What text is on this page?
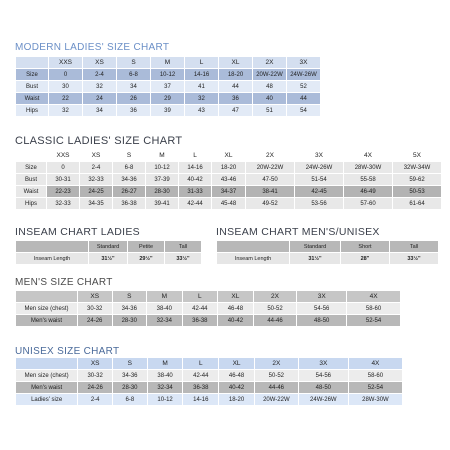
MODERN LADIES' SIZE CHART
	XXS	XS	S	M	L	XL	2X	3X
Size	0	2-4	6-8	10-12	14-16	18-20	20W-22W	24W-26W
Bust	30	32	34	37	41	44	48	52
Waist	22	24	26	29	32	36	40	44
Hips	32	34	36	39	43	47	51	54
CLASSIC LADIES' SIZE CHART
	XXS	XS	S	M	L	XL	2X	3X	4X	5X
Size	0	2-4	6-8	10-12	14-16	18-20	20W-22W	24W-26W	28W-30W	32W-34W
Bust	30-31	32-33	34-36	37-39	40-42	43-46	47-50	51-54	55-58	59-62
Waist	22-23	24-25	26-27	28-30	31-33	34-37	38-41	42-45	46-49	50-53
Hips	32-33	34-35	36-38	39-41	42-44	45-48	49-52	53-56	57-60	61-64
INSEAM CHART LADIES
	Standard	Petite	Tall
Inseam Length	31½"	29½"	33½"
INSEAM CHART MEN'S/UNISEX
	Standard	Short	Tall
Inseam Length	31½"	28"	33½"
MEN'S SIZE CHART
	XS	S	M	L	XL	2X	3X	4X
Men size (chest)	30-32	34-36	38-40	42-44	46-48	50-52	54-56	58-60
Men's waist	24-26	28-30	32-34	36-38	40-42	44-46	48-50	52-54
UNISEX SIZE CHART
	XS	S	M	L	XL	2X	3X	4X
Men size (chest)	30-32	34-36	38-40	42-44	46-48	50-52	54-56	58-60
Men's waist	24-26	28-30	32-34	36-38	40-42	44-46	48-50	52-54
Ladies' size	2-4	6-8	10-12	14-16	18-20	20W-22W	24W-26W	28W-30W
